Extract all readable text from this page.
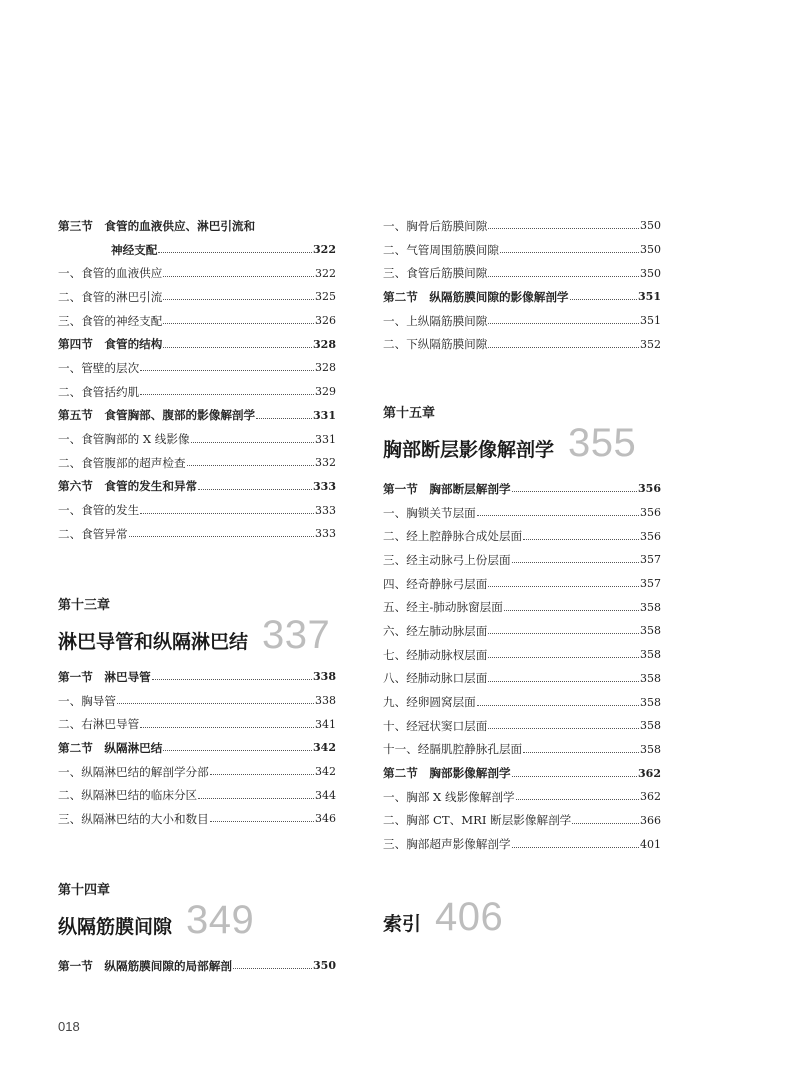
第三节　食管的血液供应、淋巴引流和
神经支配	322
一、食管的血液供应	322
二、食管的淋巴引流	325
三、食管的神经支配	326
第四节　食管的结构	328
一、管壁的层次	328
二、食管括约肌	329
第五节　食管胸部、腹部的影像解剖学	331
一、食管胸部的 X 线影像	331
二、食管腹部的超声检查	332
第六节　食管的发生和异常	333
一、食管的发生	333
二、食管异常	333
第十三章
淋巴导管和纵隔淋巴结 337
第一节　淋巴导管	338
一、胸导管	338
二、右淋巴导管	341
第二节　纵隔淋巴结	342
一、纵隔淋巴结的解剖学分部	342
二、纵隔淋巴结的临床分区	344
三、纵隔淋巴结的大小和数目	346
第十四章
纵隔筋膜间隙 349
第一节　纵隔筋膜间隙的局部解剖	350
一、胸骨后筋膜间隙	350
二、气管周围筋膜间隙	350
三、食管后筋膜间隙	350
第二节　纵隔筋膜间隙的影像解剖学	351
一、上纵隔筋膜间隙	351
二、下纵隔筋膜间隙	352
第十五章
胸部断层影像解剖学 355
第一节　胸部断层解剖学	356
一、胸锁关节层面	356
二、经上腔静脉合成处层面	356
三、经主动脉弓上份层面	357
四、经奇静脉弓层面	357
五、经主-肺动脉窗层面	358
六、经左肺动脉层面	358
七、经肺动脉杈层面	358
八、经肺动脉口层面	358
九、经卵圆窝层面	358
十、经冠状窦口层面	358
十一、经膈肌腔静脉孔层面	358
第二节　胸部影像解剖学	362
一、胸部 X 线影像解剖学	362
二、胸部 CT、MRI 断层影像解剖学	366
三、胸部超声影像解剖学	401
索引 406
018
